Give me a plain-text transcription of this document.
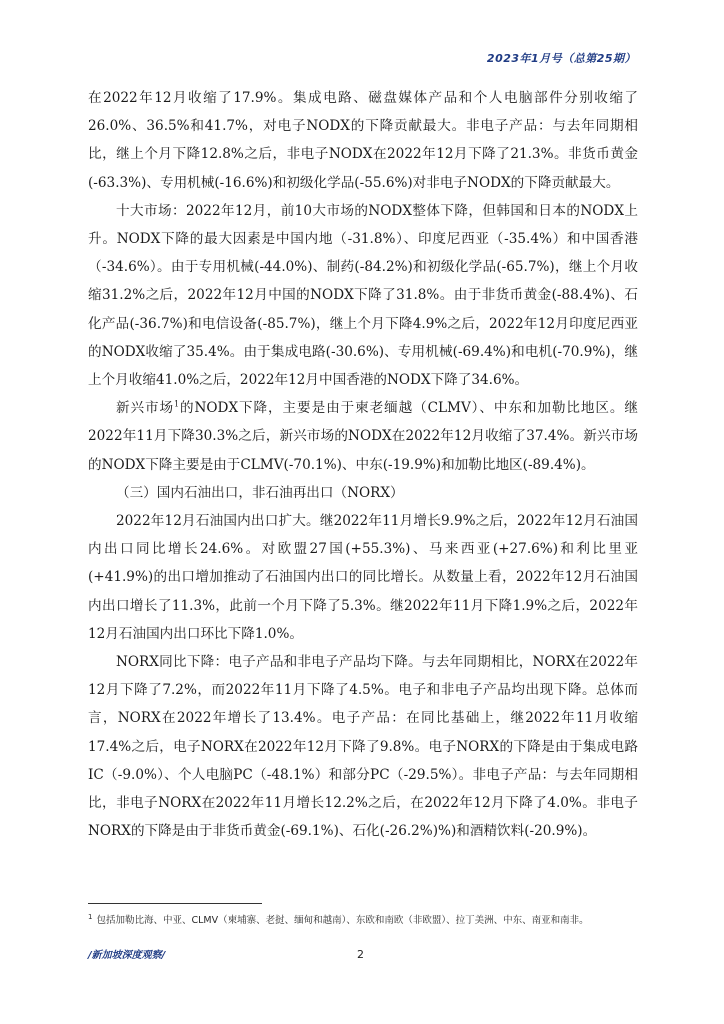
2023年1月号（总第25期）

在2022年12月收缩了17.9%。集成电路、磁盘媒体产品和个人电脑部件分别收缩了26.0%、36.5%和41.7%，对电子NODX的下降贡献最大。非电子产品：与去年同期相比，继上个月下降12.8%之后，非电子NODX在2022年12月下降了21.3%。非货币黄金(-63.3%)、专用机械(-16.6%)和初级化学品(-55.6%)对非电子NODX的下降贡献最大。

十大市场：2022年12月，前10大市场的NODX整体下降，但韩国和日本的NODX上升。NODX下降的最大因素是中国内地（-31.8%）、印度尼西亚（-35.4%）和中国香港（-34.6%）。由于专用机械(-44.0%)、制药(-84.2%)和初级化学品(-65.7%)，继上个月收缩31.2%之后，2022年12月中国的NODX下降了31.8%。由于非货币黄金(-88.4%)、石化产品(-36.7%)和电信设备(-85.7%)，继上个月下降4.9%之后，2022年12月印度尼西亚的NODX收缩了35.4%。由于集成电路(-30.6%)、专用机械(-69.4%)和电机(-70.9%)，继上个月收缩41.0%之后，2022年12月中国香港的NODX下降了34.6%。

新兴市场$^1$的NODX下降，主要是由于柬老缅越（CLMV）、中东和加勒比地区。继2022年11月下降30.3%之后，新兴市场的NODX在2022年12月收缩了37.4%。新兴市场的NODX下降主要是由于CLMV(-70.1%)、中东(-19.9%)和加勒比地区(-89.4%)。

（三）国内石油出口，非石油再出口（NORX）

2022年12月石油国内出口扩大。继2022年11月增长9.9%之后，2022年12月石油国内出口同比增长24.6%。对欧盟27国(+55.3%)、马来西亚(+27.6%)和利比里亚(+41.9%)的出口增加推动了石油国内出口的同比增长。从数量上看，2022年12月石油国内出口增长了11.3%，此前一个月下降了5.3%。继2022年11月下降1.9%之后，2022年12月石油国内出口环比下降1.0%。

NORX同比下降：电子产品和非电子产品均下降。与去年同期相比，NORX在2022年12月下降了7.2%，而2022年11月下降了4.5%。电子和非电子产品均出现下降。总体而言，NORX在2022年增长了13.4%。电子产品：在同比基础上，继2022年11月收缩17.4%之后，电子NORX在2022年12月下降了9.8%。电子NORX的下降是由于集成电路IC（-9.0%）、个人电脑PC（-48.1%）和部分PC（-29.5%）。非电子产品：与去年同期相比，非电子NORX在2022年11月增长12.2%之后，在2022年12月下降了4.0%。非电子NORX的下降是由于非货币黄金(-69.1%)、石化(-26.2%)%)和酒精饮料(-20.9%)。

$^1$ 包括加勒比海、中亚、CLMV（柬埔寨、老挝、缅甸和越南）、东欧和南欧（非欧盟）、拉丁美洲、中东、南亚和南非。
/新加坡深度观察/	2
